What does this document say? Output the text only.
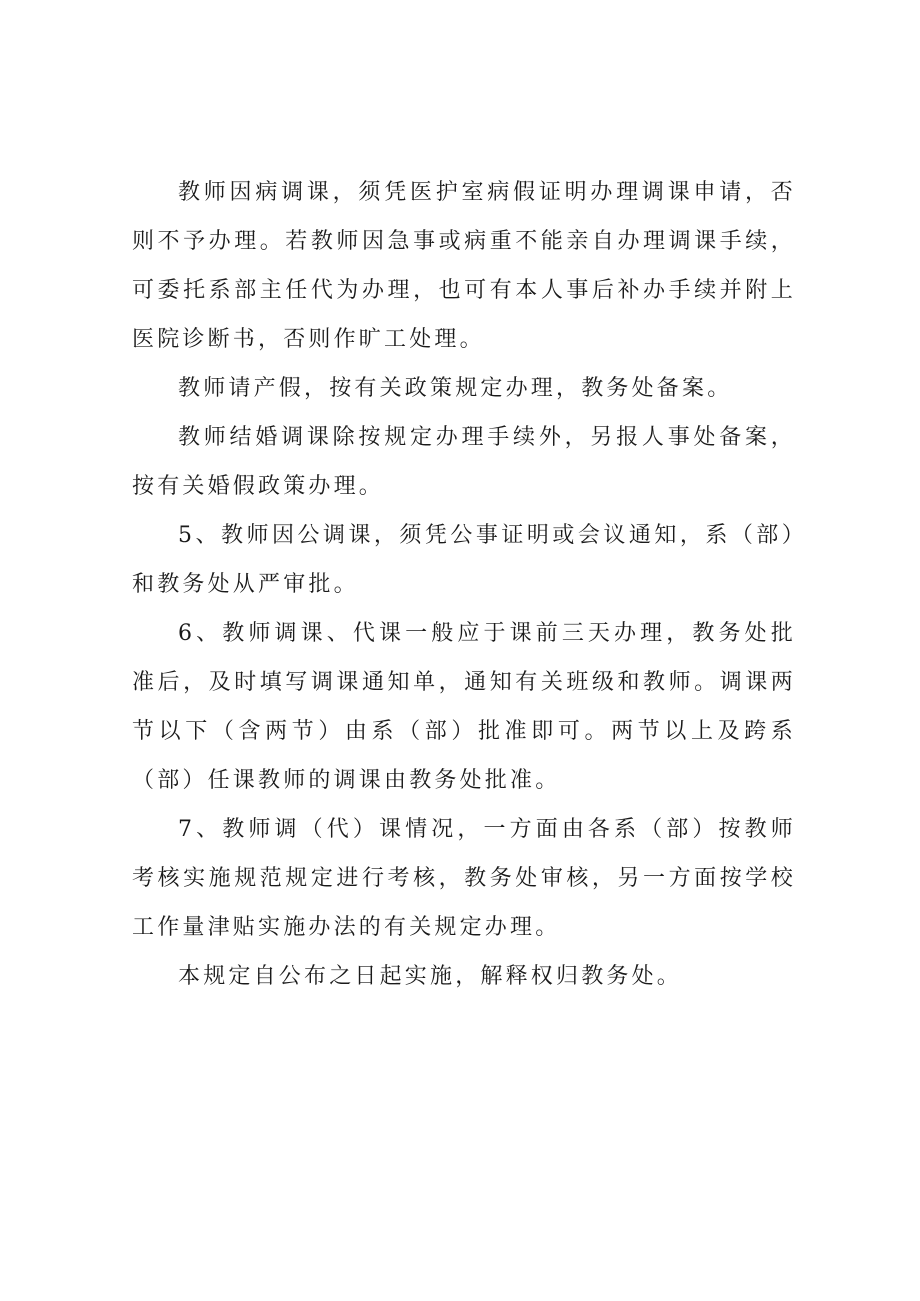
教师因病调课，须凭医护室病假证明办理调课申请，否则不予办理。若教师因急事或病重不能亲自办理调课手续，可委托系部主任代为办理，也可有本人事后补办手续并附上医院诊断书，否则作旷工处理。

教师请产假，按有关政策规定办理，教务处备案。

教师结婚调课除按规定办理手续外，另报人事处备案，按有关婚假政策办理。

5、教师因公调课，须凭公事证明或会议通知，系（部）和教务处从严审批。

6、教师调课、代课一般应于课前三天办理，教务处批准后，及时填写调课通知单，通知有关班级和教师。调课两节以下（含两节）由系（部）批准即可。两节以上及跨系（部）任课教师的调课由教务处批准。

7、教师调（代）课情况，一方面由各系（部）按教师考核实施规范规定进行考核，教务处审核，另一方面按学校工作量津贴实施办法的有关规定办理。

本规定自公布之日起实施，解释权归教务处。
